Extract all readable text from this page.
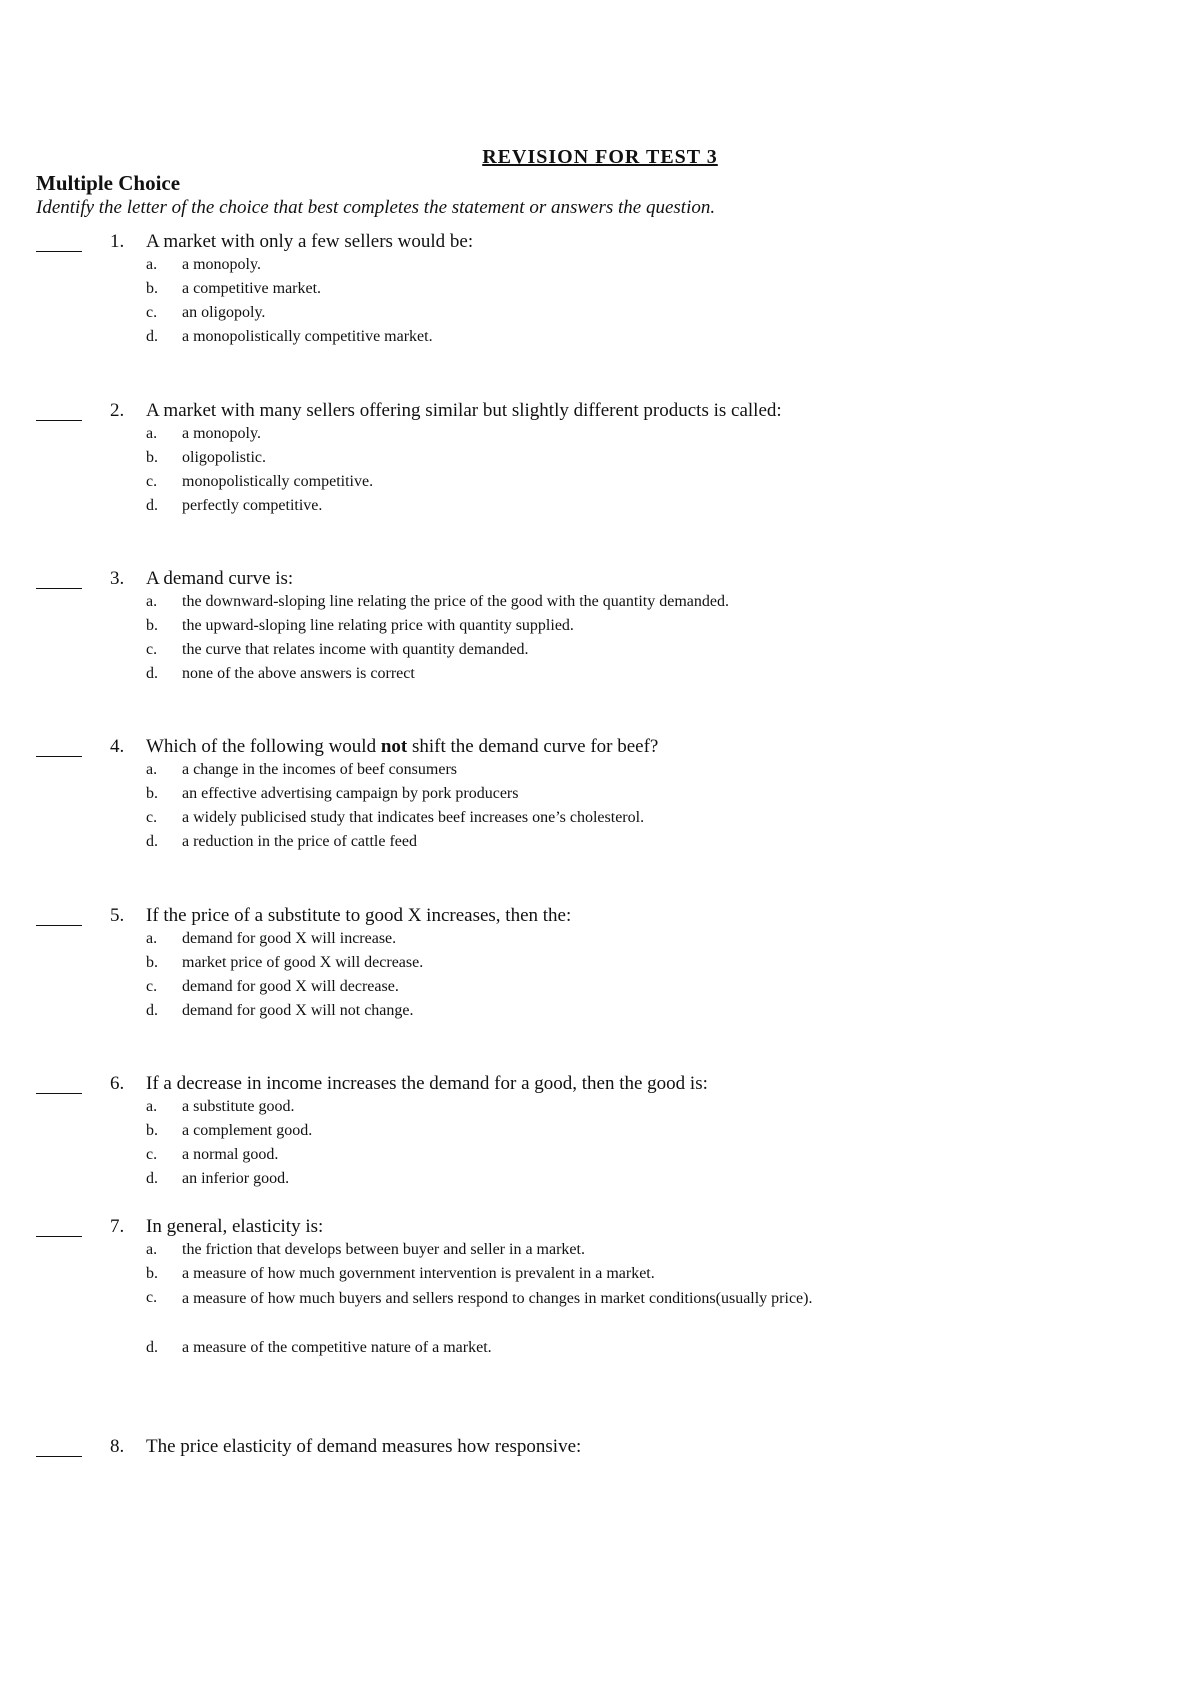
REVISION FOR TEST 3
Multiple Choice
Identify the letter of the choice that best completes the statement or answers the question.
1.	A market with only a few sellers would be:
a. a monopoly.
b. a competitive market.
c. an oligopoly.
d. a monopolistically competitive market.
2.	A market with many sellers offering similar but slightly different products is called:
a. a monopoly.
b. oligopolistic.
c. monopolistically competitive.
d. perfectly competitive.
3.	A demand curve is:
a. the downward-sloping line relating the price of the good with the quantity demanded.
b. the upward-sloping line relating price with quantity supplied.
c. the curve that relates income with quantity demanded.
d. none of the above answers is correct
4.	Which of the following would not shift the demand curve for beef?
a. a change in the incomes of beef consumers
b. an effective advertising campaign by pork producers
c. a widely publicised study that indicates beef increases one’s cholesterol.
d. a reduction in the price of cattle feed
5.	If the price of a substitute to good X increases, then the:
a. demand for good X will increase.
b. market price of good X will decrease.
c. demand for good X will decrease.
d. demand for good X will not change.
6.	If a decrease in income increases the demand for a good, then the good is:
a. a substitute good.
b. a complement good.
c. a normal good.
d. an inferior good.
7.	In general, elasticity is:
a. the friction that develops between buyer and seller in a market.
b. a measure of how much government intervention is prevalent in a market.
c. a measure of how much buyers and sellers respond to changes in market conditions(usually price).
d. a measure of the competitive nature of a market.
8.	The price elasticity of demand measures how responsive:
